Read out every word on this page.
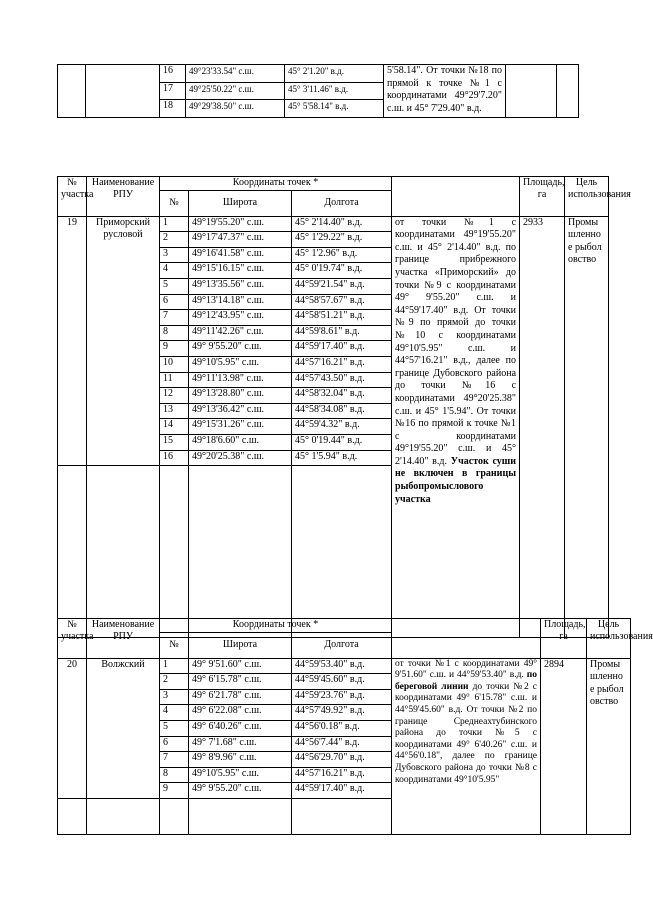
		16	49°23'33.54" с.ш.	45° 2'1.20" в.д.	5'58.14". От точки №18 по прямой к точке №1 с координатами 49°29'7.20" с.ш. и 45° 7'29.40" в.д.		
		17	49°25'50.22" с.ш.	45° 3'11.46" в.д.			
		18	49°29'38.50" с.ш.	45° 5'58.14" в.д.			
№ участка	Наименование РПУ	Координаты точек *				Площадь, га	Цель использования
		№	Широта	Долгота			
19	Приморский русловой	1	49°19'55.20" с.ш.	45° 2'14.40" в.д.	от точки №1 с координатами 49°19'55.20" с.ш. и 45° 2'14.40" в.д. по границе прибрежного участка «Приморский» до точки №9 с координатами 49° 9'55.20" с.ш. и 44°59'17.40" в.д. От точки №9 по прямой до точки №10 с координатами 49°10'5.95" с.ш. и 44°57'16.21" в.д., далее по границе Дубовского района до точки №16 с координатами 49°20'25.38" с.ш. и 45° 1'5.94". От точки №16 по прямой к точке №1 с координатами 49°19'55.20" с.ш. и 45° 2'14.40" в.д. Участок суши не включен в границы рыбопромыслового участка	2933	Промышленное рыболовство
		2	49°17'47.37" с.ш.	45° 1'29.22" в.д.			
		3	49°16'41.58" с.ш.	45° 1'2.96" в.д.			
		4	49°15'16.15" с.ш.	45° 0'19.74" в.д.			
		5	49°13'35.56" с.ш.	44°59'21.54" в.д.			
		6	49°13'14.18" с.ш.	44°58'57.67" в.д.			
		7	49°12'43.95" с.ш.	44°58'51.21" в.д.			
		8	49°11'42.26" с.ш.	44°59'8.61" в.д.			
		9	49° 9'55.20" с.ш.	44°59'17.40" в.д.			
		10	49°10'5.95" с.ш.	44°57'16.21" в.д.			
		11	49°11'13.98" с.ш.	44°57'43.50" в.д.			
		12	49°13'28.80" с.ш.	44°58'32.04" в.д.			
		13	49°13'36.42" с.ш.	44°58'34.08" в.д.			
		14	49°15'31.26" с.ш.	44°59'4.32" в.д.			
		15	49°18'6.60" с.ш.	45° 0'19.44" в.д.			
		16	49°20'25.38" с.ш.	45° 1'5.94" в.д.			

№ участка	Наименование РПУ	Координаты точек *				Площадь, га	Цель использования
		№	Широта	Долгота			
20	Волжский	1	49° 9'51.60" с.ш.	44°59'53.40" в.д.	от точки №1 с координатами 49° 9'51.60" с.ш. и 44°59'53.40" в.д. по береговой линии до точки №2 с координатами 49° 6'15.78" с.ш. и 44°59'45.60" в.д. От точки №2 по границе Среднеахтубинского района до точки №5 с координатами 49° 6'40.26" с.ш. и 44°56'0.18", далее по границе Дубовского района до точки №8 с координатами 49°10'5.95"	2894	Промышленное рыболовство
		2	49° 6'15.78" с.ш.	44°59'45.60" в.д.			
		3	49° 6'21.78" с.ш.	44°59'23.76" в.д.			
		4	49° 6'22.08" с.ш.	44°57'49.92" в.д.			
		5	49° 6'40.26" с.ш.	44°56'0.18" в.д.			
		6	49° 7'1.68" с.ш.	44°56'7.44" в.д.			
		7	49° 8'9.96" с.ш.	44°56'29.70" в.д.			
		8	49°10'5.95" с.ш.	44°57'16.21" в.д.			
		9	49° 9'55.20" с.ш.	44°59'17.40" в.д.			
